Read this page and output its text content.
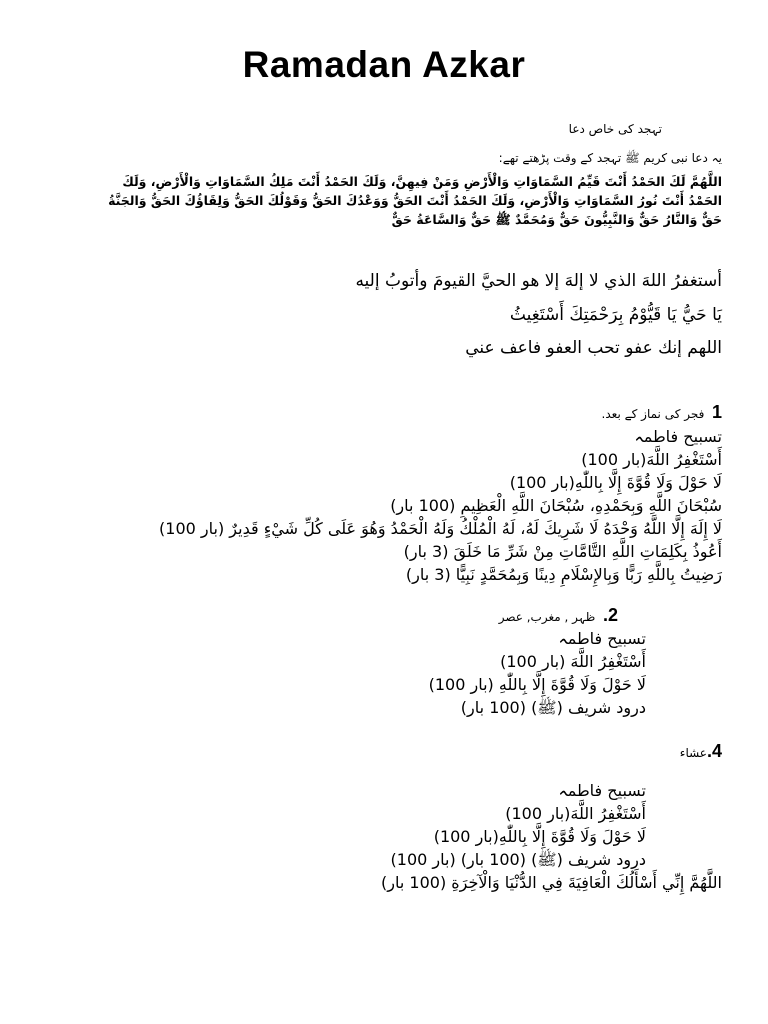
Ramadan Azkar
تہجد کی خاص دعا
یہ دعا نبی کریم ﷺ تہجد کے وقت پڑھتے تھے:
اللَّهُمَّ لَكَ الحَمْدُ أَنْتَ قَيِّمُ السَّمَاوَاتِ وَالْأَرْضِ وَمَنْ فِيهِنَّ، وَلَكَ الحَمْدُ أَنْتَ مَلِكُ السَّمَاوَاتِ وَالْأَرْضِ، وَلَكَ الحَمْدُ أَنْتَ نُورُ السَّمَاوَاتِ وَالْأَرْضِ، وَلَكَ الحَمْدُ أَنْتَ الحَقُّ وَوَعْدُكَ الحَقُّ وَقَوْلُكَ الحَقُّ وَلِقَاؤُكَ الحَقُّ وَالجَنَّةُ حَقٌّ وَالنَّارُ حَقٌّ وَالنَّبِيُّونَ حَقٌّ وَمُحَمَّدٌ ﷺ حَقٌّ وَالسَّاعَةُ حَقٌّ
أستغفرُ اللهَ الذي لا إلهَ إلا هو الحيَّ القيومَ وأتوبُ إليه
يَا حَيُّ يَا قَيُّوْمُ بِرَحْمَتِكَ أَسْتَغِيثُ
اللهم إنك عفو تحب العفو فاعف عني
1  فجر کی نماز کے بعد.
تسبيح فاطمہ
أَسْتَغْفِرُ اللَّهَ(بار 100)
لَا حَوْلَ وَلَا قُوَّةَ إِلَّا بِاللّٰهِ(بار 100)
سُبْحَانَ اللَّهِ وَبِحَمْدِهِ، سُبْحَانَ اللَّهِ الْعَظِيمِ (100 بار)
لَا إِلَهَ إِلَّا اللَّهُ وَحْدَهُ لَا شَرِيكَ لَهُ، لَهُ الْمُلْكُ وَلَهُ الْحَمْدُ وَهُوَ عَلَى كُلِّ شَيْءٍ قَدِيرٌ (بار 100)
أَعُوذُ بِكَلِمَاتِ اللَّهِ التَّامَّاتِ مِنْ شَرِّ مَا خَلَقَ (3 بار)
رَضِيتُ بِاللَّهِ رَبًّا وَبِالإِسْلَامِ دِينًا وَبِمُحَمَّدٍ نَبِيًّا (3 بار)
2.  ظہر , مغرب, عصر
تسبيح فاطمہ
أَسْتَغْفِرُ اللَّهَ (بار 100)
لَا حَوْلَ وَلَا قُوَّةَ إِلَّا بِاللّٰهِ (بار 100)
درود شريف (ﷺ) (100 بار)
4.عشاء
تسبيح فاطمہ
أَسْتَغْفِرُ اللَّهَ(بار 100)
لَا حَوْلَ وَلَا قُوَّةَ إِلَّا بِاللّٰهِ(بار 100)
درود شريف (ﷺ) (100 بار) (بار 100)
اللَّهُمَّ إِنِّي أَسْأَلُكَ الْعَافِيَةَ فِي الدُّنْيَا وَالْآخِرَةِ (100 بار)
